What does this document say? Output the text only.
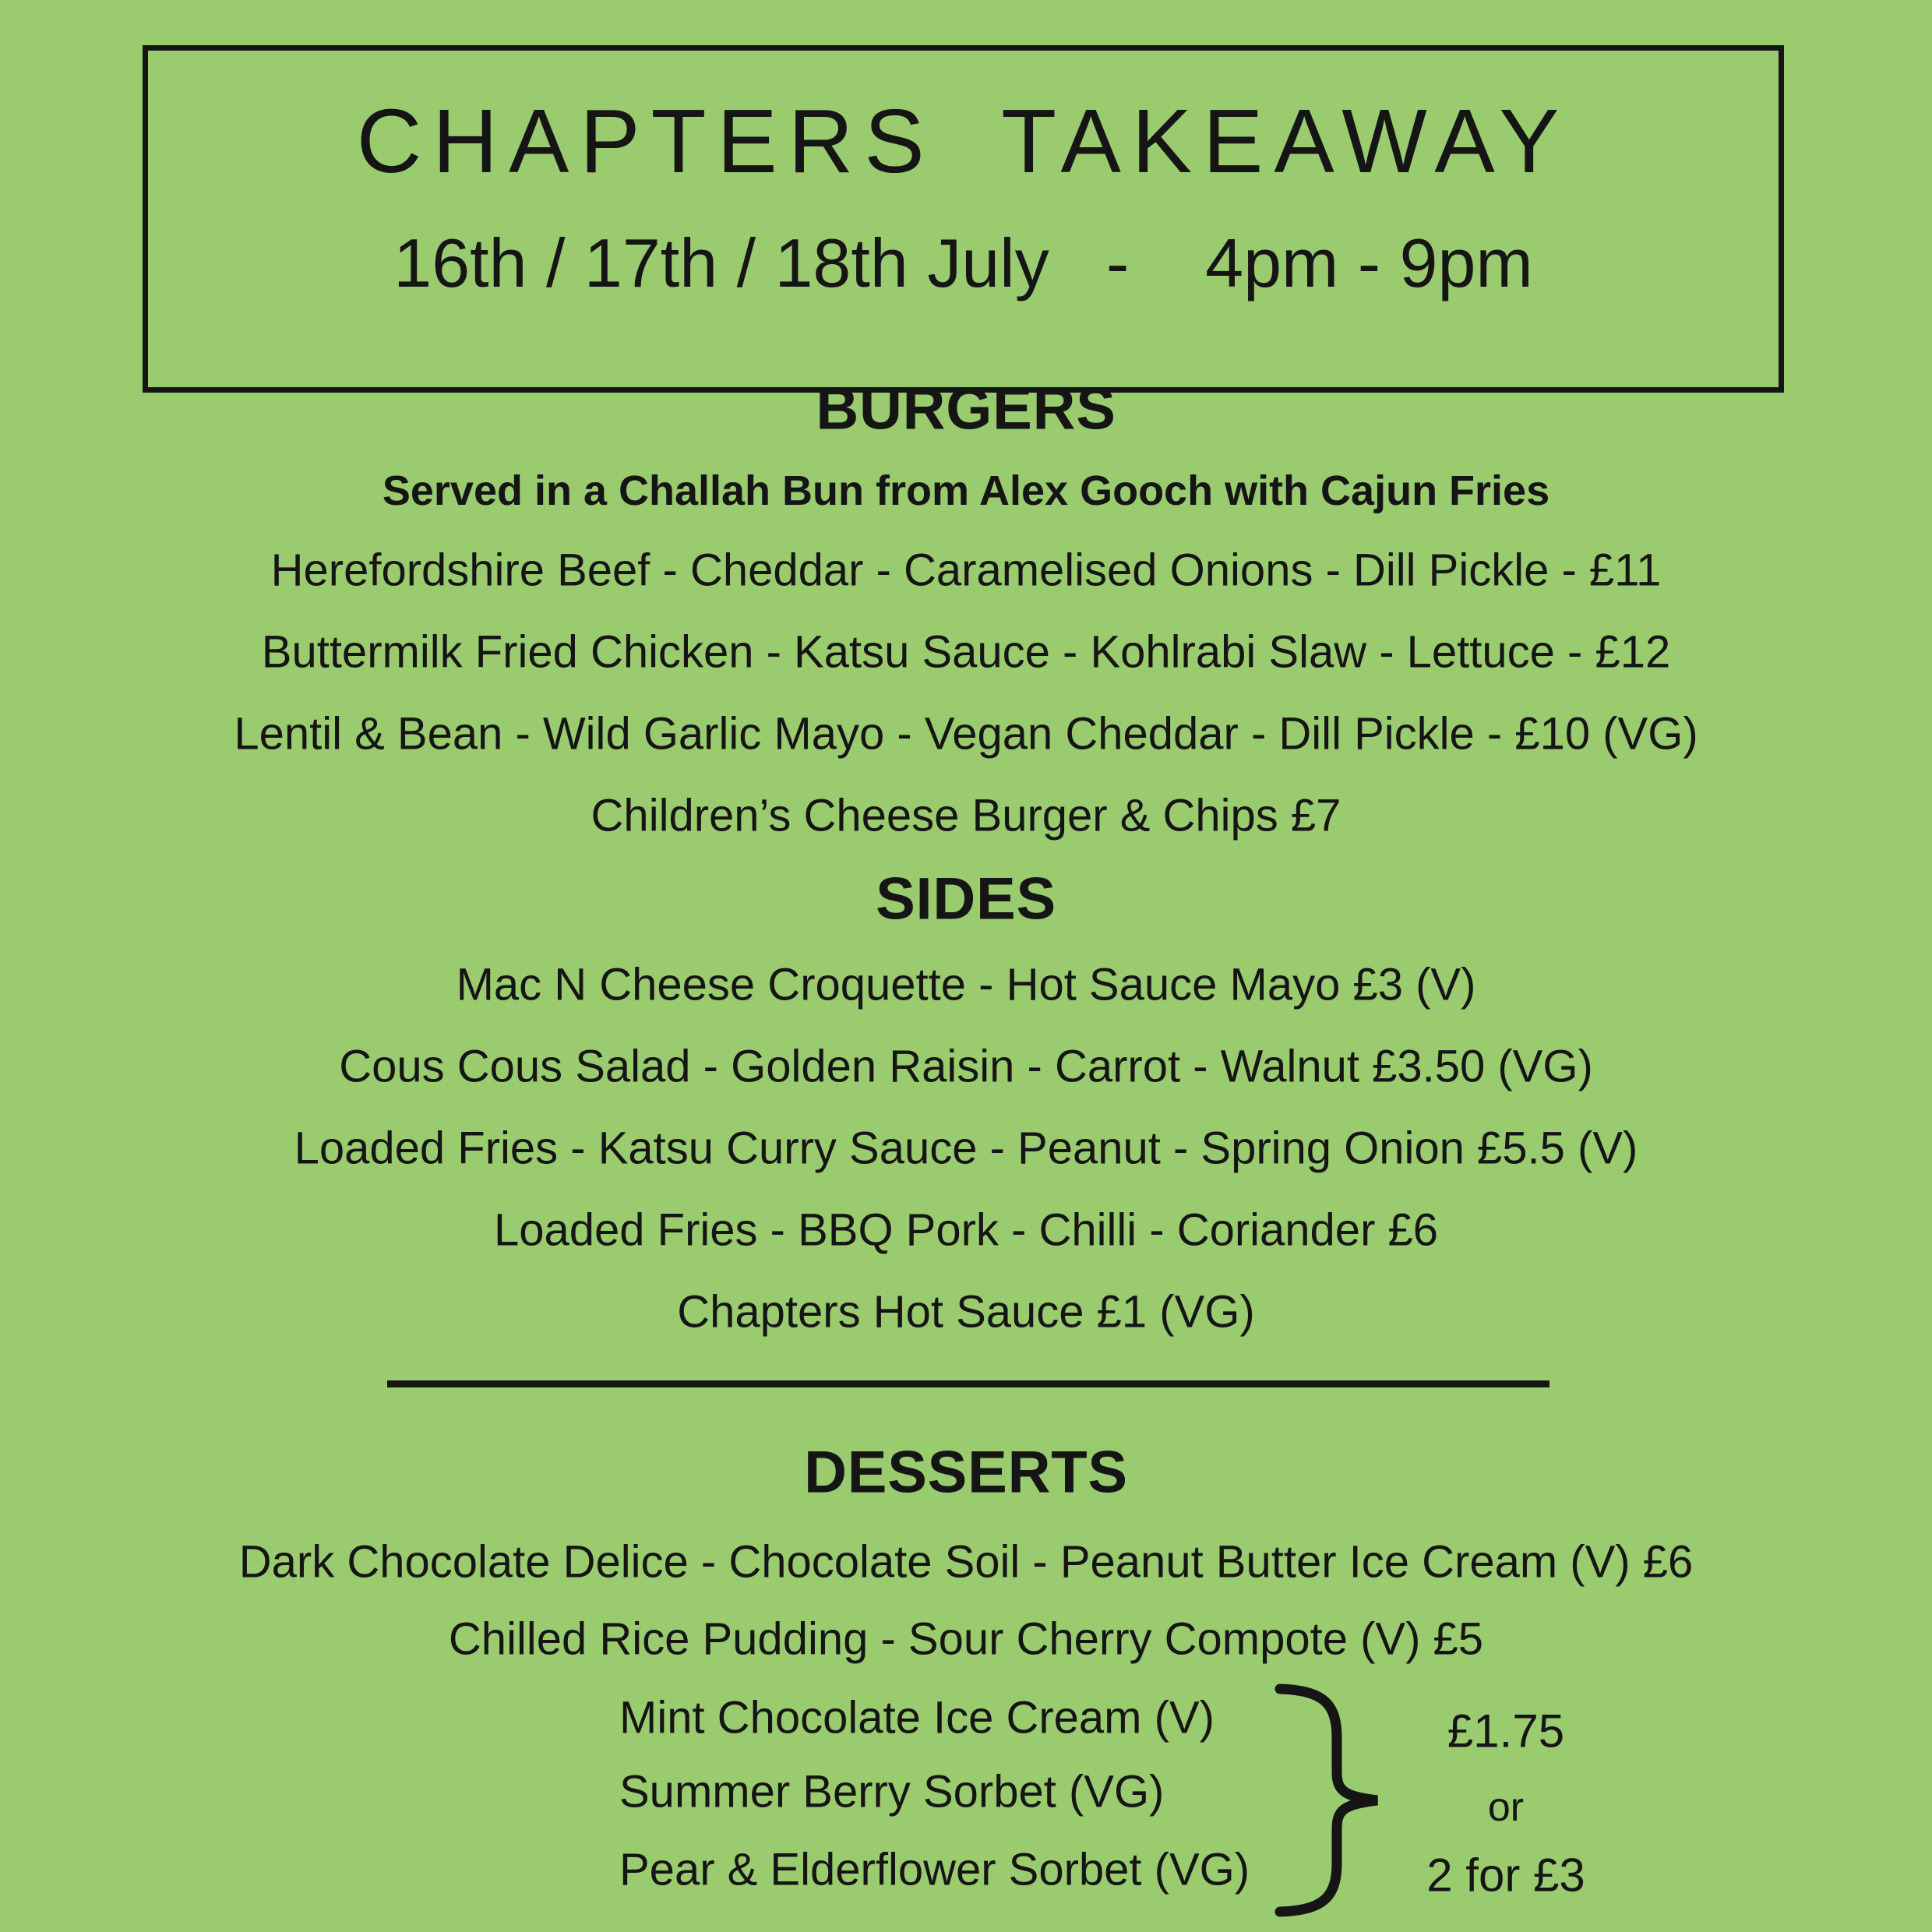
CHAPTERS TAKEAWAY
16th / 17th / 18th July   -    4pm - 9pm
BURGERS
Served in a Challah Bun from Alex Gooch with Cajun Fries
Herefordshire Beef - Cheddar - Caramelised Onions - Dill Pickle - £11
Buttermilk Fried Chicken - Katsu Sauce - Kohlrabi Slaw - Lettuce - £12
Lentil & Bean - Wild Garlic Mayo - Vegan Cheddar - Dill Pickle - £10 (VG)
Children’s Cheese Burger & Chips £7
SIDES
Mac N Cheese Croquette - Hot Sauce Mayo £3 (V)
Cous Cous Salad - Golden Raisin - Carrot - Walnut £3.50 (VG)
Loaded Fries - Katsu Curry Sauce - Peanut - Spring Onion £5.5 (V)
Loaded Fries - BBQ Pork - Chilli - Coriander £6
Chapters Hot Sauce £1 (VG)
DESSERTS
Dark Chocolate Delice - Chocolate Soil - Peanut Butter Ice Cream (V) £6
Chilled Rice Pudding - Sour Cherry Compote (V) £5
Mint Chocolate Ice Cream (V)
Summer Berry Sorbet (VG)
Pear & Elderflower Sorbet (VG)
£1.75
or
2 for £3
